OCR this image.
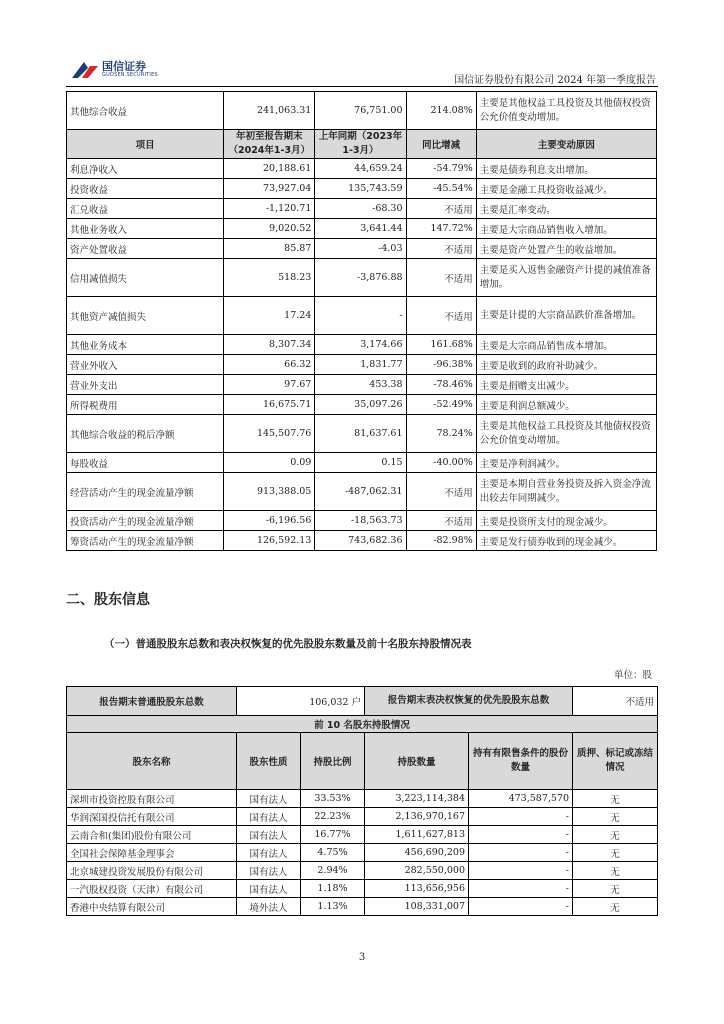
国信证券
GUOSEN SECURITIES	国信证券股份有限公司 2024 年第一季度报告
其他综合收益	241,063.31	76,751.00	214.08%	主要是其他权益工具投资及其他债权投资公允价值变动增加。
项目	年初至报告期末（2024年1-3月）	上年同期（2023年1-3月）	同比增减	主要变动原因
利息净收入	20,188.61	44,659.24	-54.79%	主要是债券利息支出增加。
投资收益	73,927.04	135,743.59	-45.54%	主要是金融工具投资收益减少。
汇兑收益	-1,120.71	-68.30	不适用	主要是汇率变动。
其他业务收入	9,020.52	3,641.44	147.72%	主要是大宗商品销售收入增加。
资产处置收益	85.87	-4.03	不适用	主要是资产处置产生的收益增加。
信用减值损失	518.23	-3,876.88	不适用	主要是买入返售金融资产计提的减值准备增加。
其他资产减值损失	17.24	-	不适用	主要是计提的大宗商品跌价准备增加。
其他业务成本	8,307.34	3,174.66	161.68%	主要是大宗商品销售成本增加。
营业外收入	66.32	1,831.77	-96.38%	主要是收到的政府补助减少。
营业外支出	97.67	453.38	-78.46%	主要是捐赠支出减少。
所得税费用	16,675.71	35,097.26	-52.49%	主要是利润总额减少。
其他综合收益的税后净额	145,507.76	81,637.61	78.24%	主要是其他权益工具投资及其他债权投资公允价值变动增加。
每股收益	0.09	0.15	-40.00%	主要是净利润减少。
经营活动产生的现金流量净额	913,388.05	-487,062.31	不适用	主要是本期自营业务投资及拆入资金净流出较去年同期减少。
投资活动产生的现金流量净额	-6,196.56	-18,563.73	不适用	主要是投资所支付的现金减少。
筹资活动产生的现金流量净额	126,592.13	743,682.36	-82.98%	主要是发行债券收到的现金减少。
二、股东信息
（一）普通股股东总数和表决权恢复的优先股股东数量及前十名股东持股情况表
单位：股
报告期末普通股股东总数	106,032 户		报告期末表决权恢复的优先股股东总数		不适用
前 10 名股东持股情况					
股东名称	股东性质	持股比例	持股数量	持有有限售条件的股份数量	质押、标记或冻结情况
深圳市投资控股有限公司	国有法人	33.53%	3,223,114,384	473,587,570	无
华润深国投信托有限公司	国有法人	22.23%	2,136,970,167	-	无
云南合和(集团)股份有限公司	国有法人	16.77%	1,611,627,813	-	无
全国社会保障基金理事会	国有法人	4.75%	456,690,209	-	无
北京城建投资发展股份有限公司	国有法人	2.94%	282,550,000	-	无
一汽股权投资（天津）有限公司	国有法人	1.18%	113,656,956	-	无
香港中央结算有限公司	境外法人	1.13%	108,331,007	-	无
3
